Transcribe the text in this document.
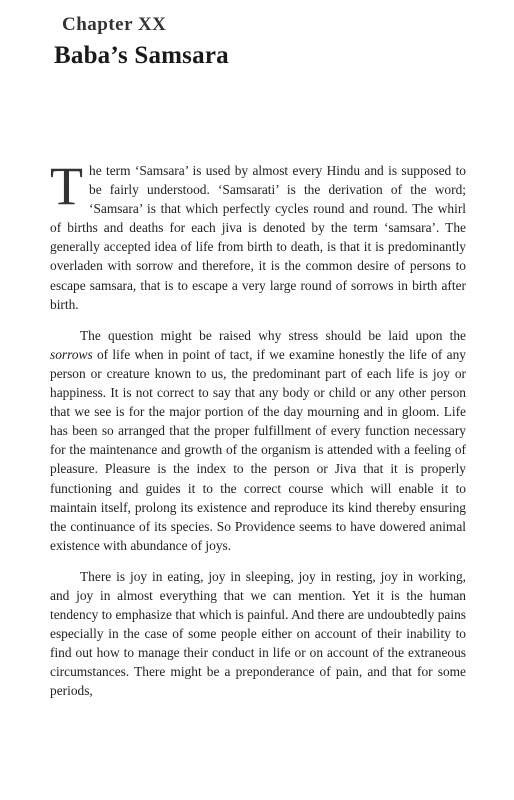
Chapter XX
Baba’s Samsara

The term ‘Samsara’ is used by almost every Hindu and is supposed to be fairly understood. ‘Samsarati’ is the derivation of the word; ‘Samsara’ is that which perfectly cycles round and round. The whirl of births and deaths for each jiva is denoted by the term ‘samsara’. The generally accepted idea of life from birth to death, is that it is predominantly overladen with sorrow and therefore, it is the common desire of persons to escape samsara, that is to escape a very large round of sorrows in birth after birth.

The question might be raised why stress should be laid upon the sorrows of life when in point of tact, if we examine honestly the life of any person or creature known to us, the predominant part of each life is joy or happiness. It is not correct to say that any body or child or any other person that we see is for the major portion of the day mourning and in gloom. Life has been so arranged that the proper fulfillment of every function necessary for the maintenance and growth of the organism is attended with a feeling of pleasure. Pleasure is the index to the person or Jiva that it is properly functioning and guides it to the correct course which will enable it to maintain itself, prolong its existence and reproduce its kind thereby ensuring the continuance of its species. So Providence seems to have dowered animal existence with abundance of joys.

There is joy in eating, joy in sleeping, joy in resting, joy in working, and joy in almost everything that we can mention. Yet it is the human tendency to emphasize that which is painful. And there are undoubtedly pains especially in the case of some people either on account of their inability to find out how to manage their conduct in life or on account of the extraneous circumstances. There might be a preponderance of pain, and that for some periods,
